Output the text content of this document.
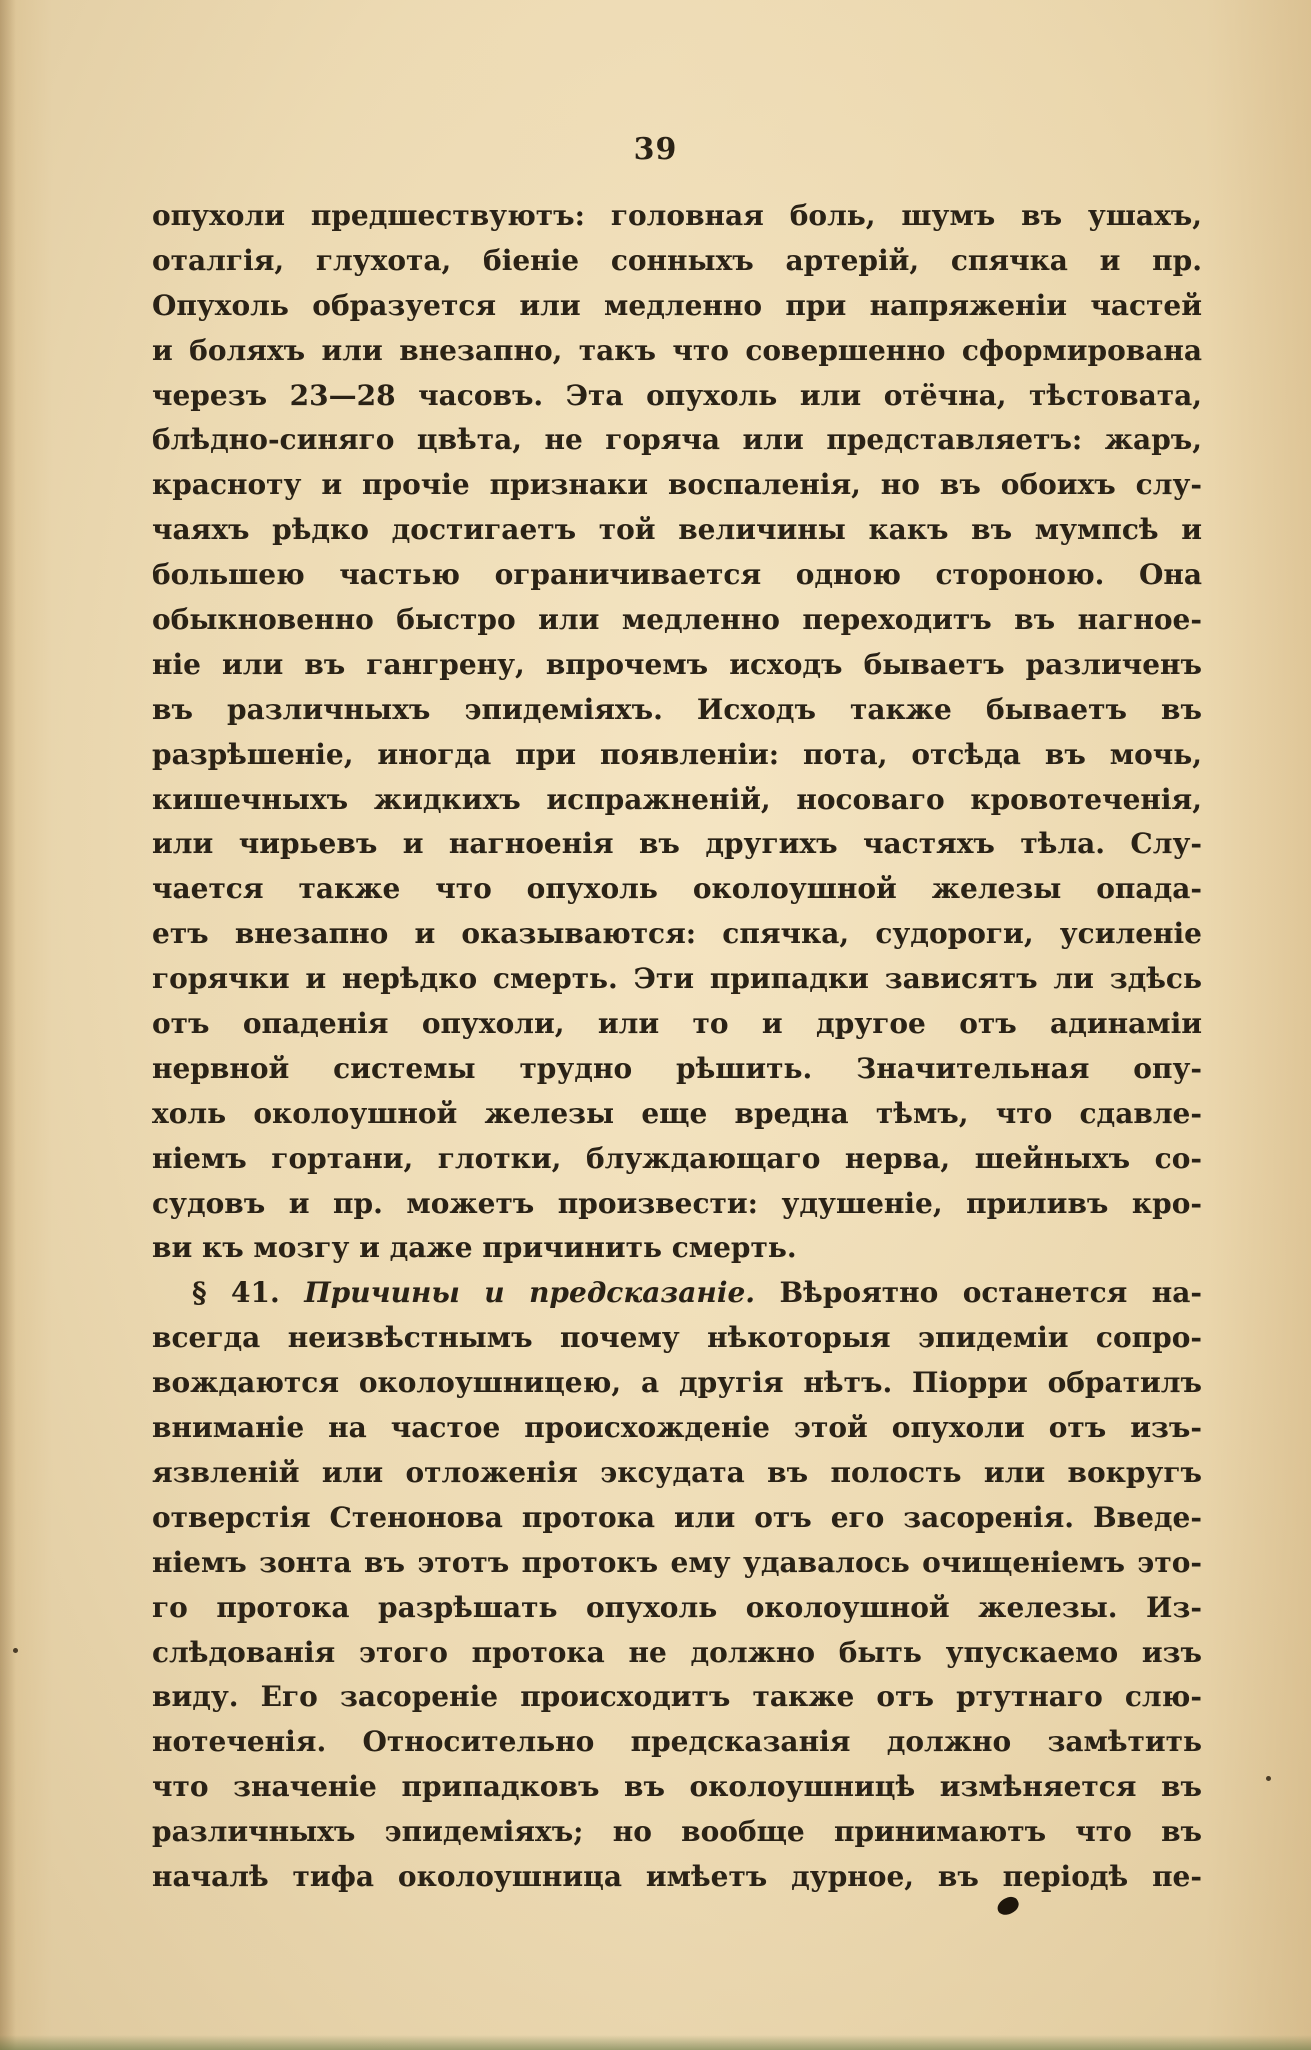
39
опухоли предшествуютъ: головная боль, шумъ въ ушахъ,
оталгія, глухота, біеніе сонныхъ артерій, спячка и пр.
Опухоль образуется или медленно при напряженіи частей
и боляхъ или внезапно, такъ что совершенно сформирована
черезъ 23—28 часовъ. Эта опухоль или отёчна, тѣстовата,
блѣдно-синяго цвѣта, не горяча или представляетъ: жаръ,
красноту и прочіе признаки воспаленія, но въ обоихъ слу-
чаяхъ рѣдко достигаетъ той величины какъ въ мумпсѣ и
большею частью ограничивается одною стороною. Она
обыкновенно быстро или медленно переходитъ въ нагное-
ніе или въ гангрену, впрочемъ исходъ бываетъ различенъ
въ различныхъ эпидеміяхъ. Исходъ также бываетъ въ
разрѣшеніе, иногда при появленіи: пота, отсѣда въ мочь,
кишечныхъ жидкихъ испражненій, носоваго кровотеченія,
или чирьевъ и нагноенія въ другихъ частяхъ тѣла. Слу-
чается также что опухоль околоушной железы опада-
етъ внезапно и оказываются: спячка, судороги, усиленіе
горячки и нерѣдко смерть. Эти припадки зависятъ ли здѣсь
отъ опаденія опухоли, или то и другое отъ адинаміи
нервной системы трудно рѣшить. Значительная опу-
холь околоушной железы еще вредна тѣмъ, что сдавле-
ніемъ гортани, глотки, блуждающаго нерва, шейныхъ со-
судовъ и пр. можетъ произвести: удушеніе, приливъ кро-
ви къ мозгу и даже причинить смерть.
§ 41. Причины и предсказаніе. Вѣроятно останется на-
всегда неизвѣстнымъ почему нѣкоторыя эпидеміи сопро-
вождаются околоушницею, а другія нѣтъ. Піорри обратилъ
вниманіе на частое происхожденіе этой опухоли отъ изъ-
язвленій или отложенія эксудата въ полость или вокругъ
отверстія Стенонова протока или отъ его засоренія. Введе-
ніемъ зонта въ этотъ протокъ ему удавалось очищеніемъ это-
го протока разрѣшать опухоль околоушной железы. Из-
слѣдованія этого протока не должно быть упускаемо изъ
виду. Его засореніе происходитъ также отъ ртутнаго слю-
нотеченія. Относительно предсказанія должно замѣтить
что значеніе припадковъ въ околоушницѣ измѣняется въ
различныхъ эпидеміяхъ; но вообще принимаютъ что въ
началѣ тифа околоушница имѣетъ дурное, въ періодѣ пе-
